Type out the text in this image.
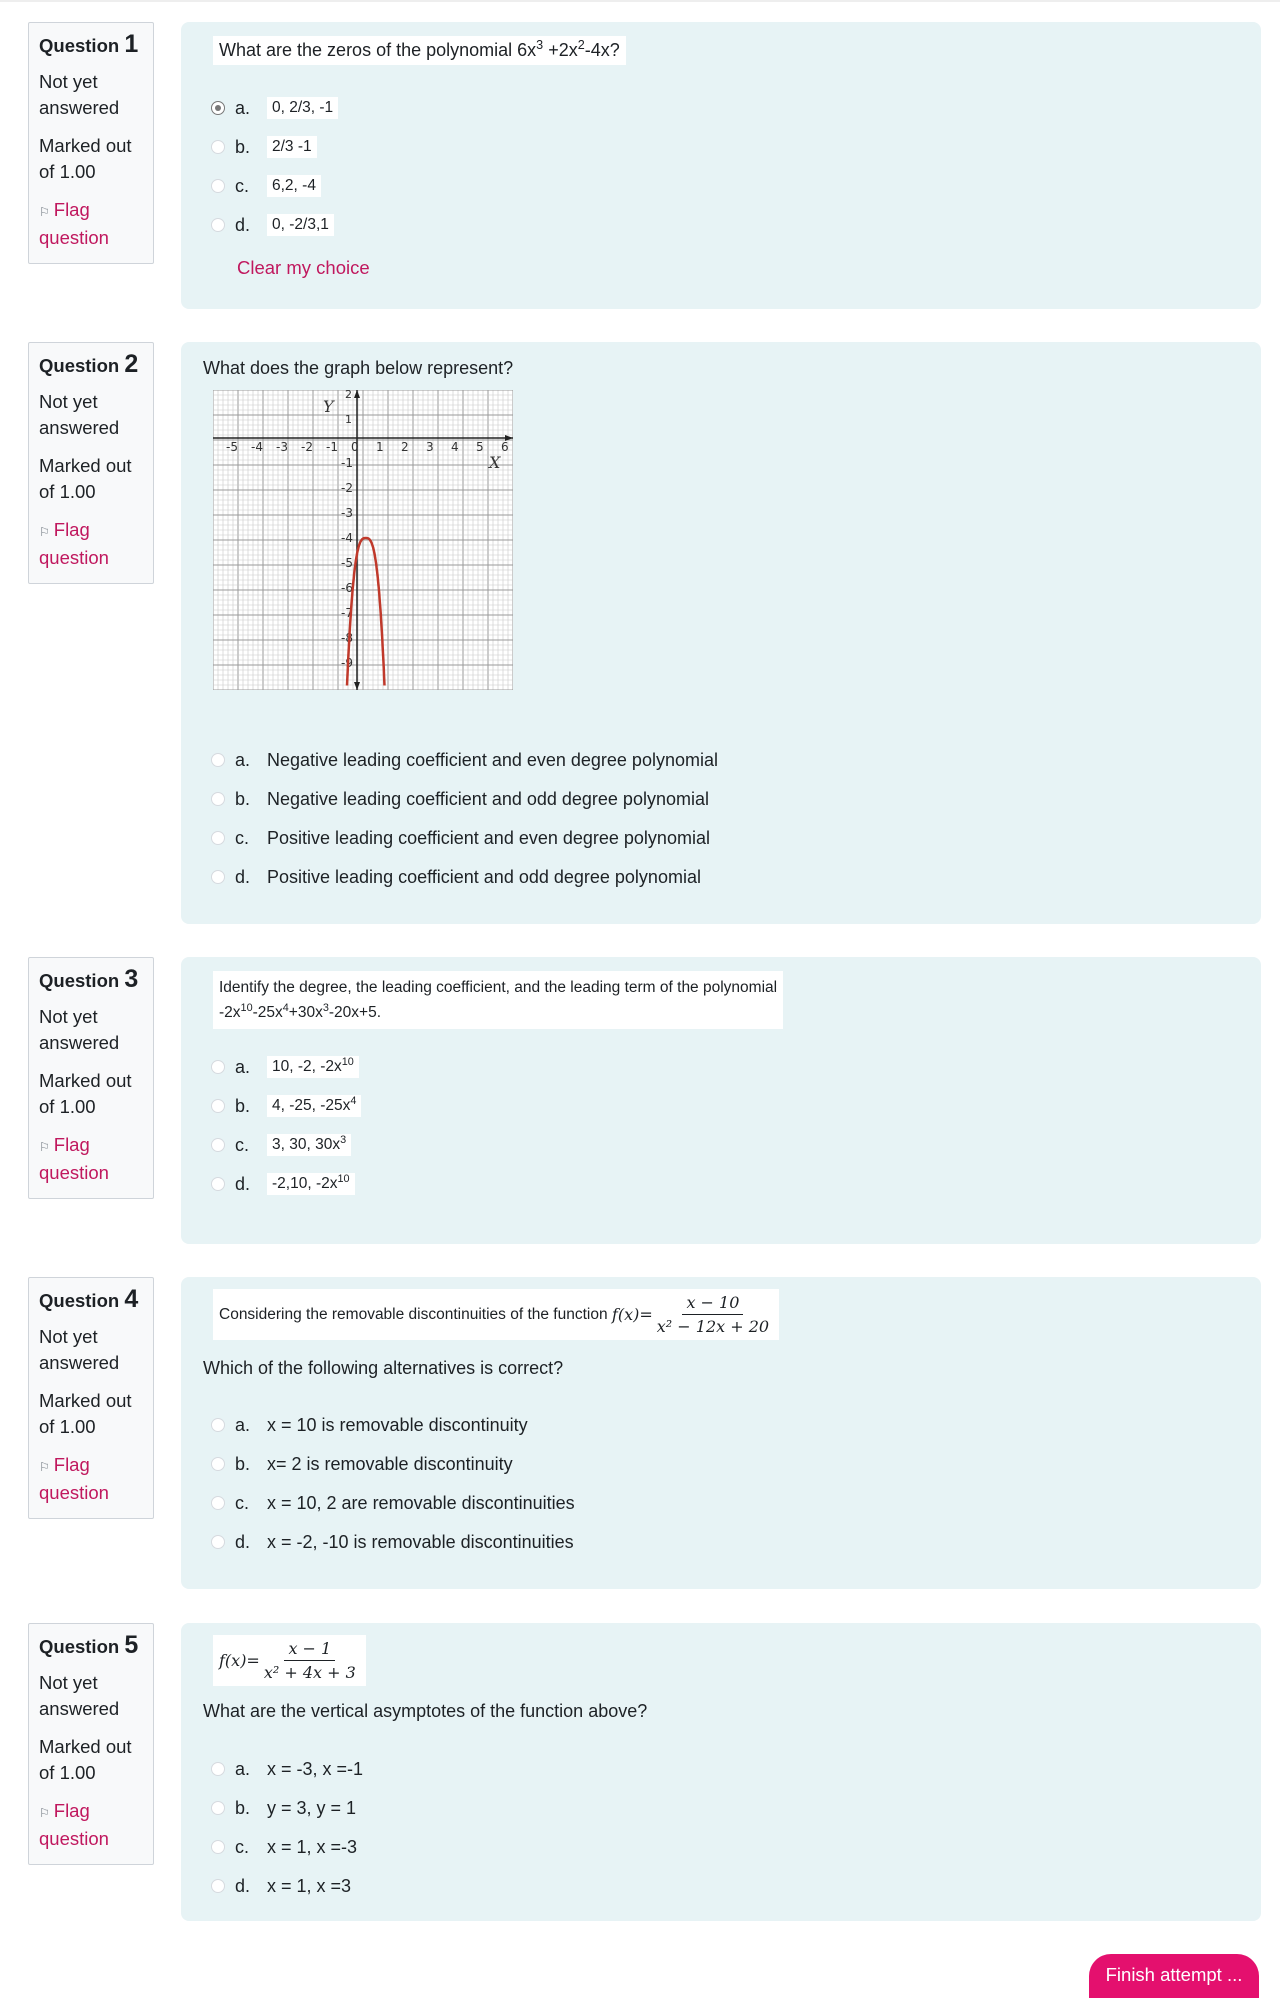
Question 1
Not yet answered
Marked out of 1.00
⚐ Flag question
What are the zeros of the polynomial $6x^3 +2x^2-4x$?
a.	0, 2/3, -1
b.	2/3 -1
c.	6,2, -4
d.	0, -2/3,1
Clear my choice
Question 2
Not yet answered
Marked out of 1.00
⚐ Flag question
What does the graph below represent?
-5 -4 -3 -2 -1 0 1 2 3 4 5 6
2
1
-1
-2
-3
-4
-5
-6
-7
-8
-9
Y
X
a. Negative leading coefficient and even degree polynomial
b. Negative leading coefficient and odd degree polynomial
c. Positive leading coefficient and even degree polynomial
d. Positive leading coefficient and odd degree polynomial
Question 3
Not yet answered
Marked out of 1.00
⚐ Flag question
Identify the degree, the leading coefficient, and the leading term of the polynomial
$-2x^{10}-25x^4+30x^3-20x+5$.
a.	10, -2, $-2x^{10}$
b.	4, -25, $-25x^4$
c.	3, 30, $30x^3$
d.	-2,10, $-2x^{10}$
Question 4
Not yet answered
Marked out of 1.00
⚐ Flag question
Considering the removable discontinuities of the function
$f(x)= \frac{x - 10}{\text{x² − 12x + 20}}$
Which of the following alternatives is correct?
a. x = 10 is removable discontinuity
b. x= 2 is removable discontinuity
c. x = 10, 2 are removable discontinuities
d. x = -2, -10 is removable discontinuities
Question 5
Not yet answered
Marked out of 1.00
⚐ Flag question
$f(x)= \frac{x - 1}{\text{x² + 4x + 3}}$
What are the vertical asymptotes of the function above?
a. x = -3, x =-1
b. y = 3, y = 1
c. x = 1, x =-3
d. x = 1, x =3
Finish attempt ...
